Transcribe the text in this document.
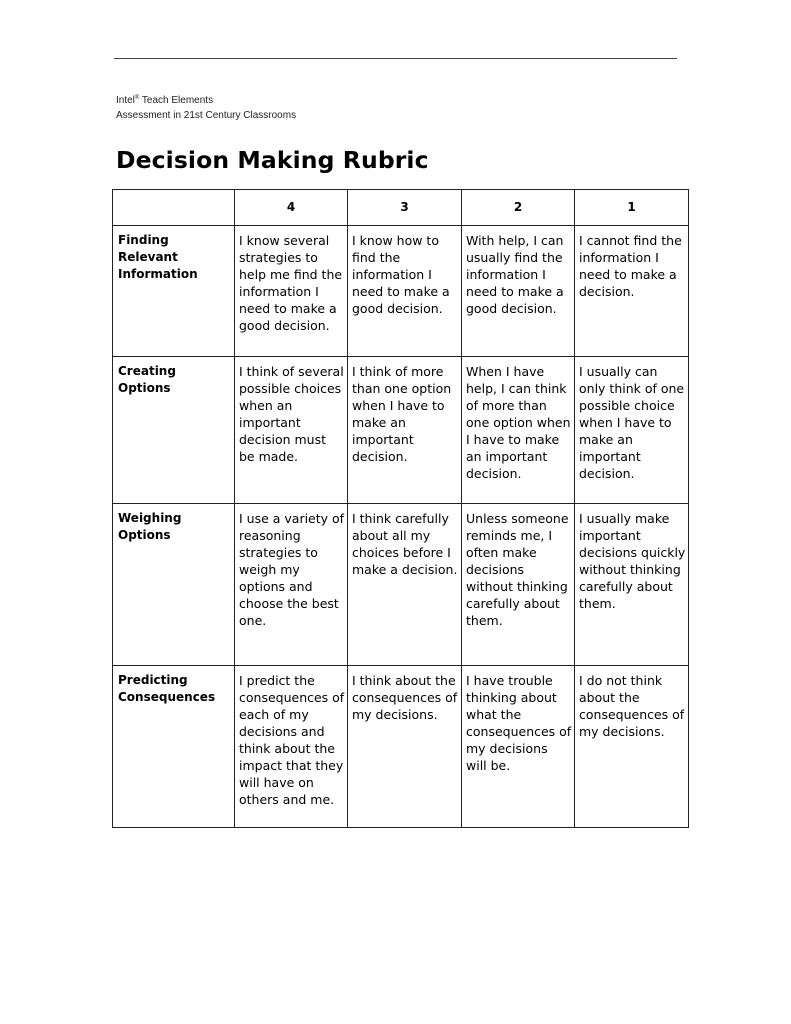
Intel® Teach Elements
Assessment in 21st Century Classrooms
Decision Making Rubric
	4	3	2	1
Finding Relevant Information	I know several strategies to help me find the information I need to make a good decision.	I know how to find the information I need to make a good decision.	With help, I can usually find the information I need to make a good decision.	I cannot find the information I need to make a decision.
Creating Options	I think of several possible choices when an important decision must be made.	I think of more than one option when I have to make an important decision.	When I have help, I can think of more than one option when I have to make an important decision.	I usually can only think of one possible choice when I have to make an important decision.
Weighing Options	I use a variety of reasoning strategies to weigh my options and choose the best one.	I think carefully about all my choices before I make a decision.	Unless someone reminds me, I often make decisions without thinking carefully about them.	I usually make important decisions quickly without thinking carefully about them.
Predicting Consequences	I predict the consequences of each of my decisions and think about the impact that they will have on others and me.	I think about the consequences of my decisions.	I have trouble thinking about what the consequences of my decisions will be.	I do not think about the consequences of my decisions.
